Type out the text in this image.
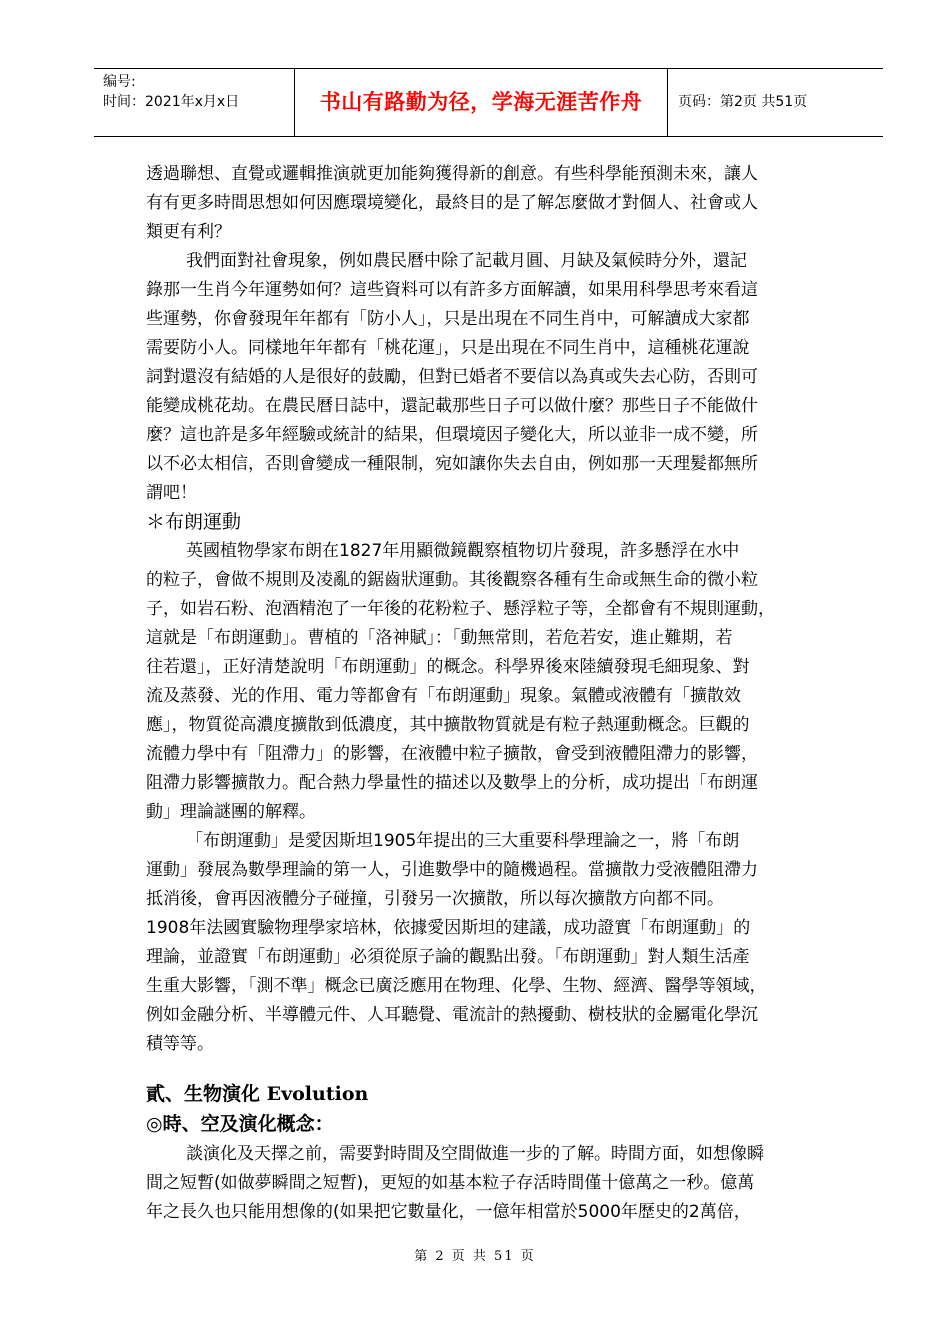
编号:
时间：2021年x月x日	书山有路勤为径，学海无涯苦作舟	页码：第2页 共51页
透過聯想、直覺或邏輯推演就更加能夠獲得新的創意。有些科學能預測未來，讓人
有有更多時間思想如何因應環境變化，最終目的是了解怎麼做才對個人、社會或人
類更有利？
我們面對社會現象，例如農民曆中除了記載月圓、月缺及氣候時分外，還記
錄那一生肖今年運勢如何？這些資料可以有許多方面解讀，如果用科學思考來看這
些運勢，你會發現年年都有「防小人」，只是出現在不同生肖中，可解讀成大家都
需要防小人。同樣地年年都有「桃花運」，只是出現在不同生肖中，這種桃花運說
詞對還沒有結婚的人是很好的鼓勵，但對已婚者不要信以為真或失去心防，否則可
能變成桃花劫。在農民曆日誌中，還記載那些日子可以做什麼？那些日子不能做什
麼？這也許是多年經驗或統計的結果，但環境因子變化大，所以並非一成不變，所
以不必太相信，否則會變成一種限制，宛如讓你失去自由，例如那一天理髮都無所
謂吧！
＊布朗運動
英國植物學家布朗在1827年用顯微鏡觀察植物切片發現，許多懸浮在水中
的粒子，會做不規則及凌亂的鋸齒狀運動。其後觀察各種有生命或無生命的微小粒
子，如岩石粉、泡酒精泡了一年後的花粉粒子、懸浮粒子等，全都會有不規則運動，
這就是「布朗運動」。曹植的「洛神賦」：「動無常則，若危若安，進止難期，若
往若還」，正好清楚說明「布朗運動」的概念。科學界後來陸續發現毛細現象、對
流及蒸發、光的作用、電力等都會有「布朗運動」現象。氣體或液體有「擴散效
應」，物質從高濃度擴散到低濃度，其中擴散物質就是有粒子熱運動概念。巨觀的
流體力學中有「阻滯力」的影響，在液體中粒子擴散，會受到液體阻滯力的影響，
阻滯力影響擴散力。配合熱力學量性的描述以及數學上的分析，成功提出「布朗運
動」理論謎團的解釋。
「布朗運動」是愛因斯坦1905年提出的三大重要科學理論之一，將「布朗
運動」發展為數學理論的第一人，引進數學中的隨機過程。當擴散力受液體阻滯力
抵消後，會再因液體分子碰撞，引發另一次擴散，所以每次擴散方向都不同。
1908年法國實驗物理學家培林，依據愛因斯坦的建議，成功證實「布朗運動」的
理論，並證實「布朗運動」必須從原子論的觀點出發。「布朗運動」對人類生活產
生重大影響，「測不準」概念已廣泛應用在物理、化學、生物、經濟、醫學等領域，
例如金融分析、半導體元件、人耳聽覺、電流計的熱擾動、樹枝狀的金屬電化學沉
積等等。
貳、生物演化 Evolution
◎時、空及演化概念：
談演化及天擇之前，需要對時間及空間做進一步的了解。時間方面，如想像瞬
間之短暫(如做夢瞬間之短暫)，更短的如基本粒子存活時間僅十億萬之一秒。億萬
年之長久也只能用想像的(如果把它數量化，一億年相當於5000年歷史的2萬倍，
第 2 页 共 51 页
